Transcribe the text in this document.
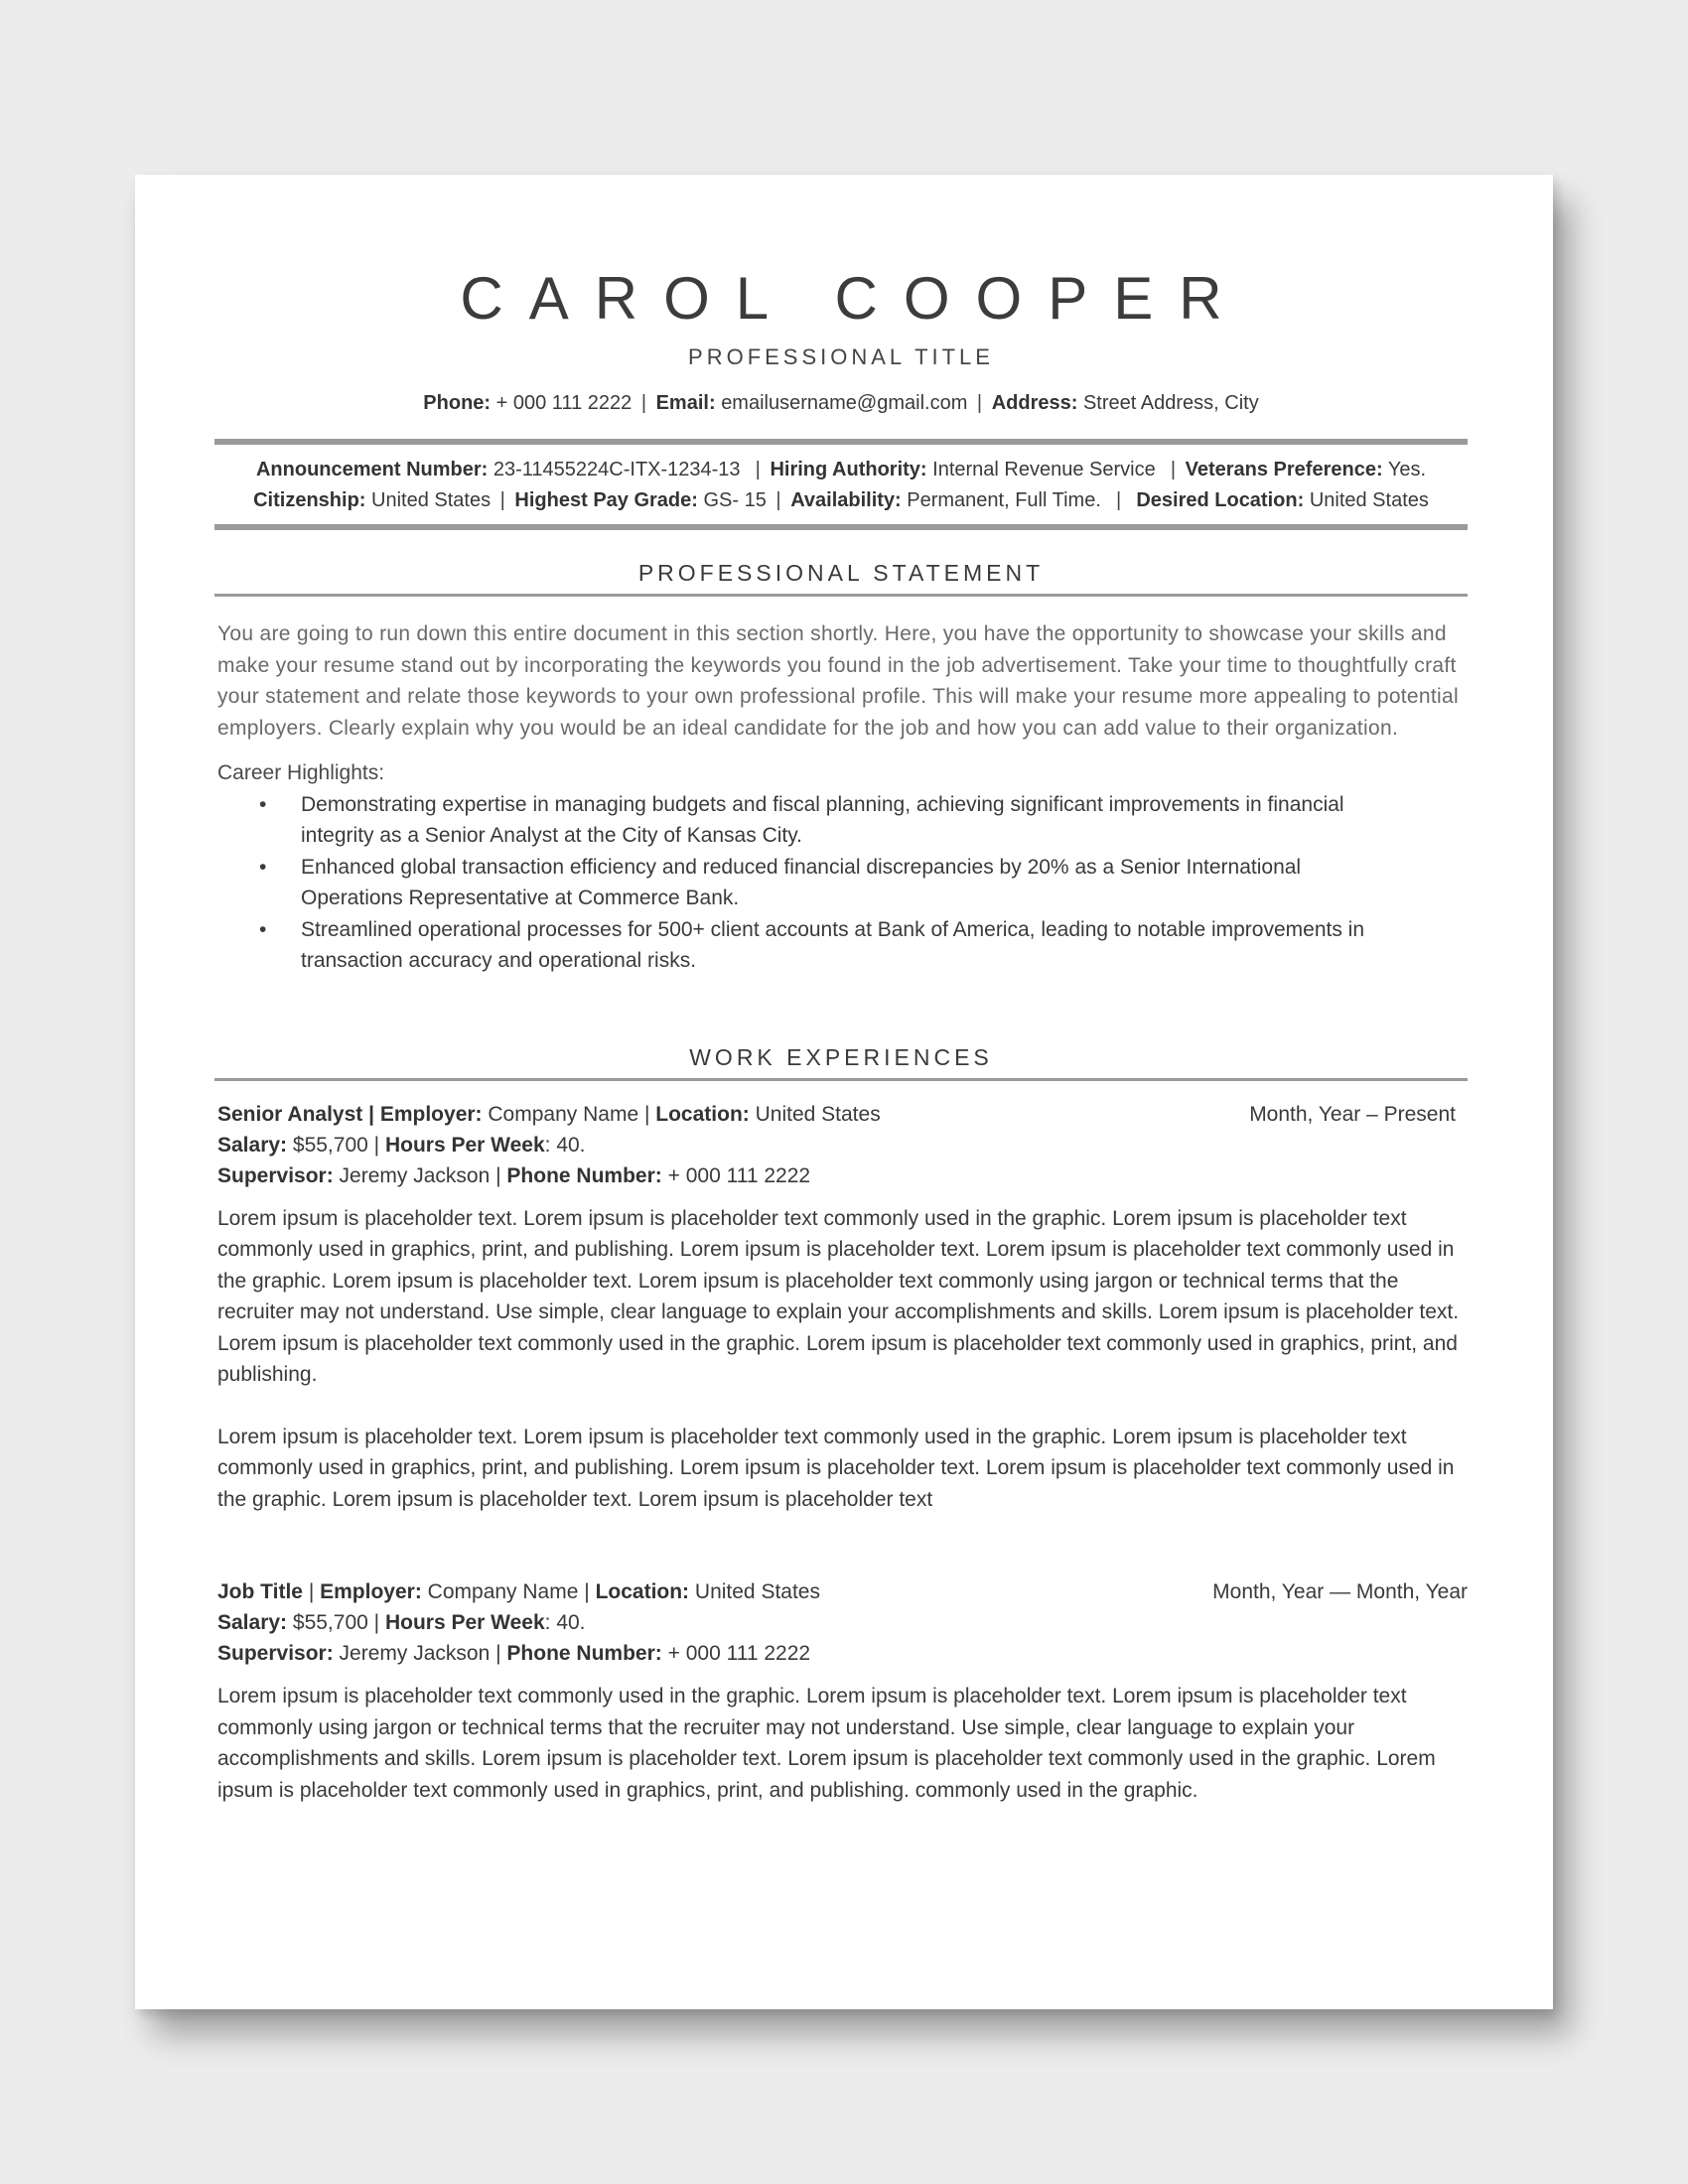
CAROL COOPER
PROFESSIONAL TITLE
Phone: + 000 111 2222 | Email: emailusername@gmail.com | Address: Street Address, City
Announcement Number: 23-11455224C-ITX-1234-13  | Hiring Authority: Internal Revenue Service  | Veterans Preference: Yes.
Citizenship: United States | Highest Pay Grade: GS- 15 | Availability: Permanent, Full Time.  |  Desired Location: United States
PROFESSIONAL STATEMENT
You are going to run down this entire document in this section shortly. Here, you have the opportunity to showcase your skills and make your resume stand out by incorporating the keywords you found in the job advertisement. Take your time to thoughtfully craft your statement and relate those keywords to your own professional profile. This will make your resume more appealing to potential employers. Clearly explain why you would be an ideal candidate for the job and how you can add value to their organization.
Career Highlights:
• Demonstrating expertise in managing budgets and fiscal planning, achieving significant improvements in financial integrity as a Senior Analyst at the City of Kansas City.
• Enhanced global transaction efficiency and reduced financial discrepancies by 20% as a Senior International Operations Representative at Commerce Bank.
• Streamlined operational processes for 500+ client accounts at Bank of America, leading to notable improvements in transaction accuracy and operational risks.
WORK EXPERIENCES
Senior Analyst | Employer: Company Name | Location: United States	Month, Year – Present
Salary: $55,700 | Hours Per Week: 40.
Supervisor: Jeremy Jackson | Phone Number: + 000 111 2222

Lorem ipsum is placeholder text. Lorem ipsum is placeholder text commonly used in the graphic. Lorem ipsum is placeholder text commonly used in graphics, print, and publishing. Lorem ipsum is placeholder text. Lorem ipsum is placeholder text commonly used in the graphic. Lorem ipsum is placeholder text. Lorem ipsum is placeholder text commonly using jargon or technical terms that the recruiter may not understand. Use simple, clear language to explain your accomplishments and skills. Lorem ipsum is placeholder text. Lorem ipsum is placeholder text commonly used in the graphic. Lorem ipsum is placeholder text commonly used in graphics, print, and publishing.

Lorem ipsum is placeholder text. Lorem ipsum is placeholder text commonly used in the graphic. Lorem ipsum is placeholder text commonly used in graphics, print, and publishing. Lorem ipsum is placeholder text. Lorem ipsum is placeholder text commonly used in the graphic. Lorem ipsum is placeholder text. Lorem ipsum is placeholder text

Job Title | Employer: Company Name | Location: United States	Month, Year — Month, Year
Salary: $55,700 | Hours Per Week: 40.
Supervisor: Jeremy Jackson | Phone Number: + 000 111 2222

Lorem ipsum is placeholder text commonly used in the graphic. Lorem ipsum is placeholder text. Lorem ipsum is placeholder text commonly using jargon or technical terms that the recruiter may not understand. Use simple, clear language to explain your accomplishments and skills. Lorem ipsum is placeholder text. Lorem ipsum is placeholder text commonly used in the graphic. Lorem ipsum is placeholder text commonly used in graphics, print, and publishing. commonly used in the graphic.
